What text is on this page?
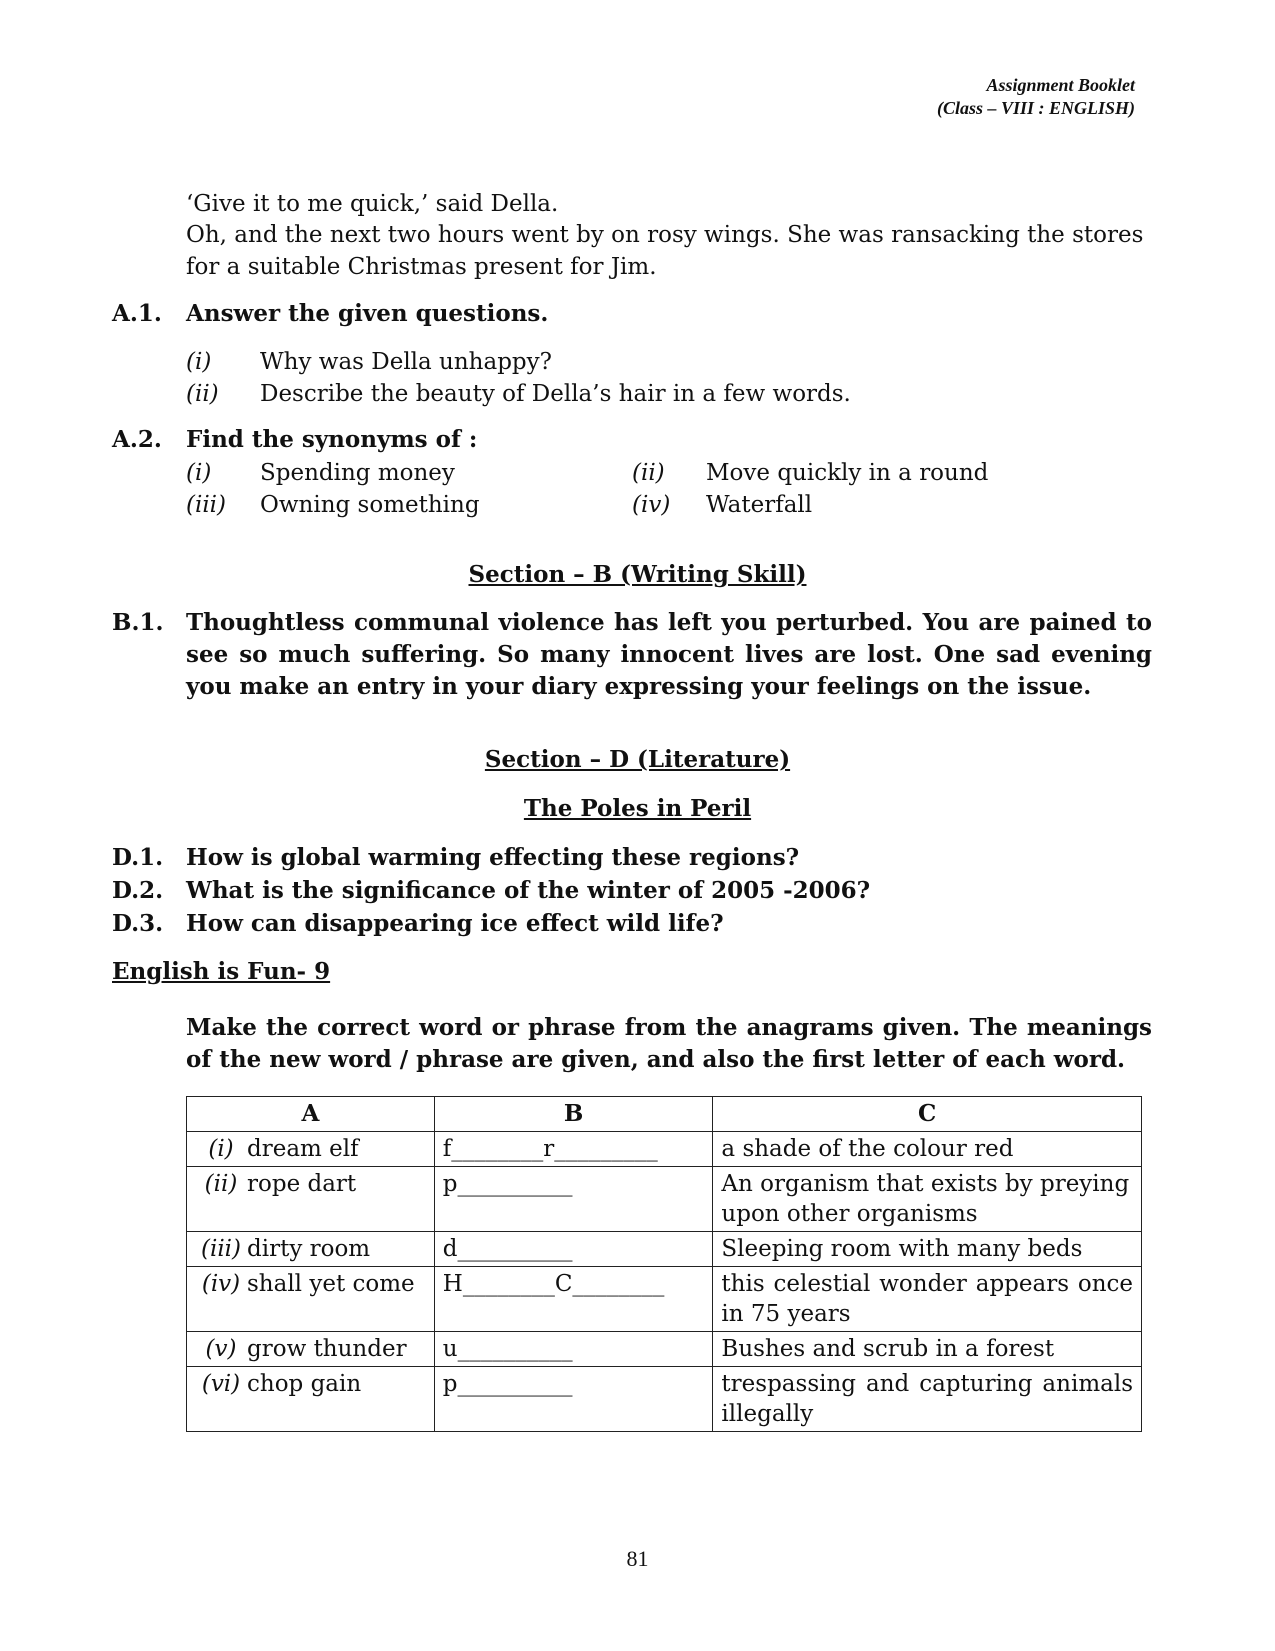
Assignment Booklet
(Class – VIII : ENGLISH)
‘Give it to me quick,’ said Della.
Oh, and the next two hours went by on rosy wings. She was ransacking the stores for a suitable Christmas present for Jim.
A.1. Answer the given questions.
(i) Why was Della unhappy?
(ii) Describe the beauty of Della’s hair in a few words.
A.2. Find the synonyms of :
(i) Spending money	(ii) Move quickly in a round
(iii) Owning something	(iv) Waterfall
Section – B (Writing Skill)
B.1. Thoughtless communal violence has left you perturbed. You are pained to see so much suffering. So many innocent lives are lost. One sad evening you make an entry in your diary expressing your feelings on the issue.
Section – D (Literature)
The Poles in Peril
D.1. How is global warming effecting these regions?
D.2. What is the significance of the winter of 2005 -2006?
D.3. How can disappearing ice effect wild life?
English is Fun- 9
Make the correct word or phrase from the anagrams given. The meanings of the new word / phrase are given, and also the first letter of each word.
A	B	C
(i) dream elf	f________r_________	a shade of the colour red
(ii) rope dart	p__________	An organism that exists by preying upon other organisms
(iii) dirty room	d__________	Sleeping room with many beds
(iv) shall yet come	H________C________	this celestial wonder appears once in 75 years
(v) grow thunder	u__________	Bushes and scrub in a forest
(vi) chop gain	p__________	trespassing and capturing animals illegally
81
